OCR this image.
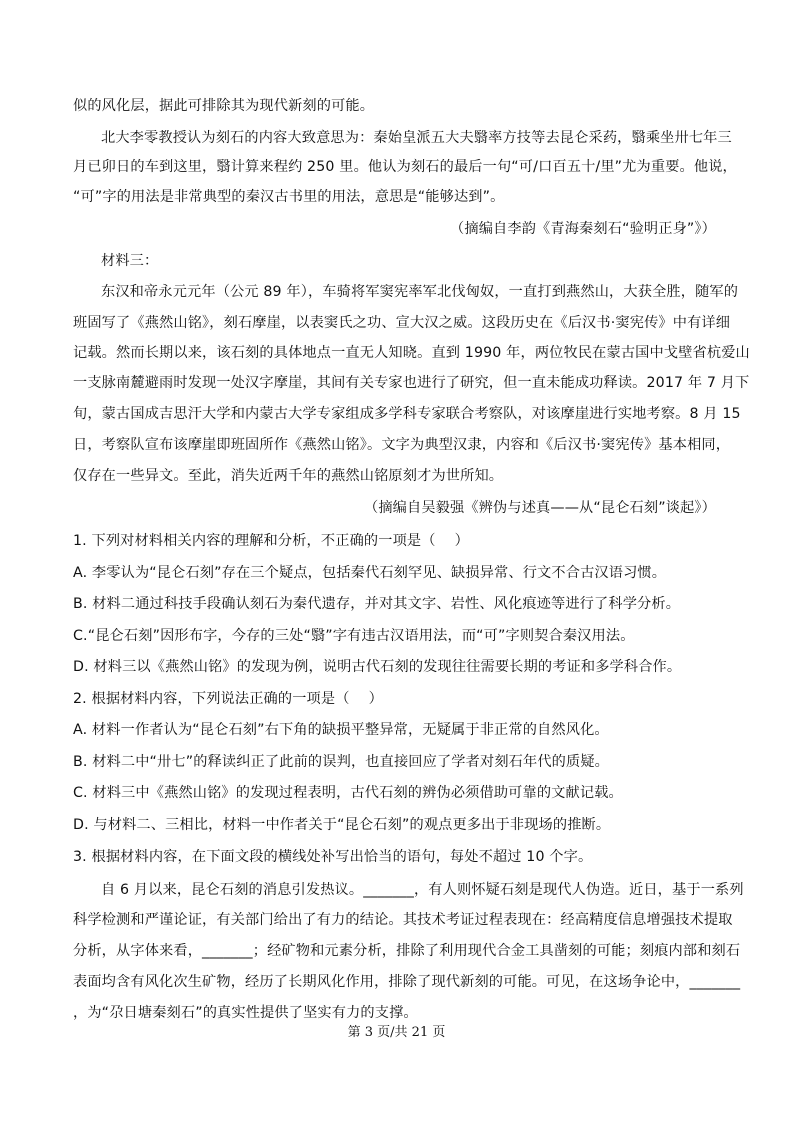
似的风化层，据此可排除其为现代新刻的可能。
北大李零教授认为刻石的内容大致意思为：秦始皇派五大夫翳率方技等去昆仑采药，翳乘坐卅七年三
月已卯日的车到这里，翳计算来程约 250 里。他认为刻石的最后一句“可/口百五十/里”尤为重要。他说，
“可”字的用法是非常典型的秦汉古书里的用法，意思是“能够达到”。
（摘编自李韵《青海秦刻石“验明正身”》）
材料三：
东汉和帝永元元年（公元 89 年），车骑将军窦宪率军北伐匈奴，一直打到燕然山，大获全胜，随军的
班固写了《燕然山铭》，刻石摩崖，以表窦氏之功、宣大汉之威。这段历史在《后汉书·窦宪传》中有详细
记载。然而长期以来，该石刻的具体地点一直无人知晓。直到 1990 年，两位牧民在蒙古国中戈壁省杭爱山
一支脉南麓避雨时发现一处汉字摩崖，其间有关专家也进行了研究，但一直未能成功释读。2017 年 7 月下
旬，蒙古国成吉思汗大学和内蒙古大学专家组成多学科专家联合考察队，对该摩崖进行实地考察。8 月 15
日，考察队宣布该摩崖即班固所作《燕然山铭》。文字为典型汉隶，内容和《后汉书·窦宪传》基本相同，
仅存在一些异文。至此，消失近两千年的燕然山铭原刻才为世所知。
（摘编自吴毅强《辨伪与述真——从“昆仑石刻”谈起》）
1. 下列对材料相关内容的理解和分析，不正确的一项是（　 ）
A. 李零认为“昆仑石刻”存在三个疑点，包括秦代石刻罕见、缺损异常、行文不合古汉语习惯。
B. 材料二通过科技手段确认刻石为秦代遗存，并对其文字、岩性、风化痕迹等进行了科学分析。
C.“昆仑石刻”因形布字，今存的三处“翳”字有违古汉语用法，而“可”字则契合秦汉用法。
D. 材料三以《燕然山铭》的发现为例，说明古代石刻的发现往往需要长期的考证和多学科合作。
2. 根据材料内容，下列说法正确的一项是（　 ）
A. 材料一作者认为“昆仑石刻”右下角的缺损平整异常，无疑属于非正常的自然风化。
B. 材料二中“卅七”的释读纠正了此前的误判，也直接回应了学者对刻石年代的质疑。
C. 材料三中《燕然山铭》的发现过程表明，古代石刻的辨伪必须借助可靠的文献记载。
D. 与材料二、三相比，材料一中作者关于“昆仑石刻”的观点更多出于非现场的推断。
3. 根据材料内容，在下面文段的横线处补写出恰当的语句，每处不超过 10 个字。
自 6 月以来，昆仑石刻的消息引发热议。_______，有人则怀疑石刻是现代人伪造。近日，基于一系列
科学检测和严谨论证，有关部门给出了有力的结论。其技术考证过程表现在：经高精度信息增强技术提取
分析，从字体来看，_______；经矿物和元素分析，排除了利用现代合金工具凿刻的可能；刻痕内部和刻石
表面均含有风化次生矿物，经历了长期风化作用，排除了现代新刻的可能。可见，在这场争论中，_______
，为“尕日塘秦刻石”的真实性提供了坚实有力的支撑。
第 3 页/共 21 页
